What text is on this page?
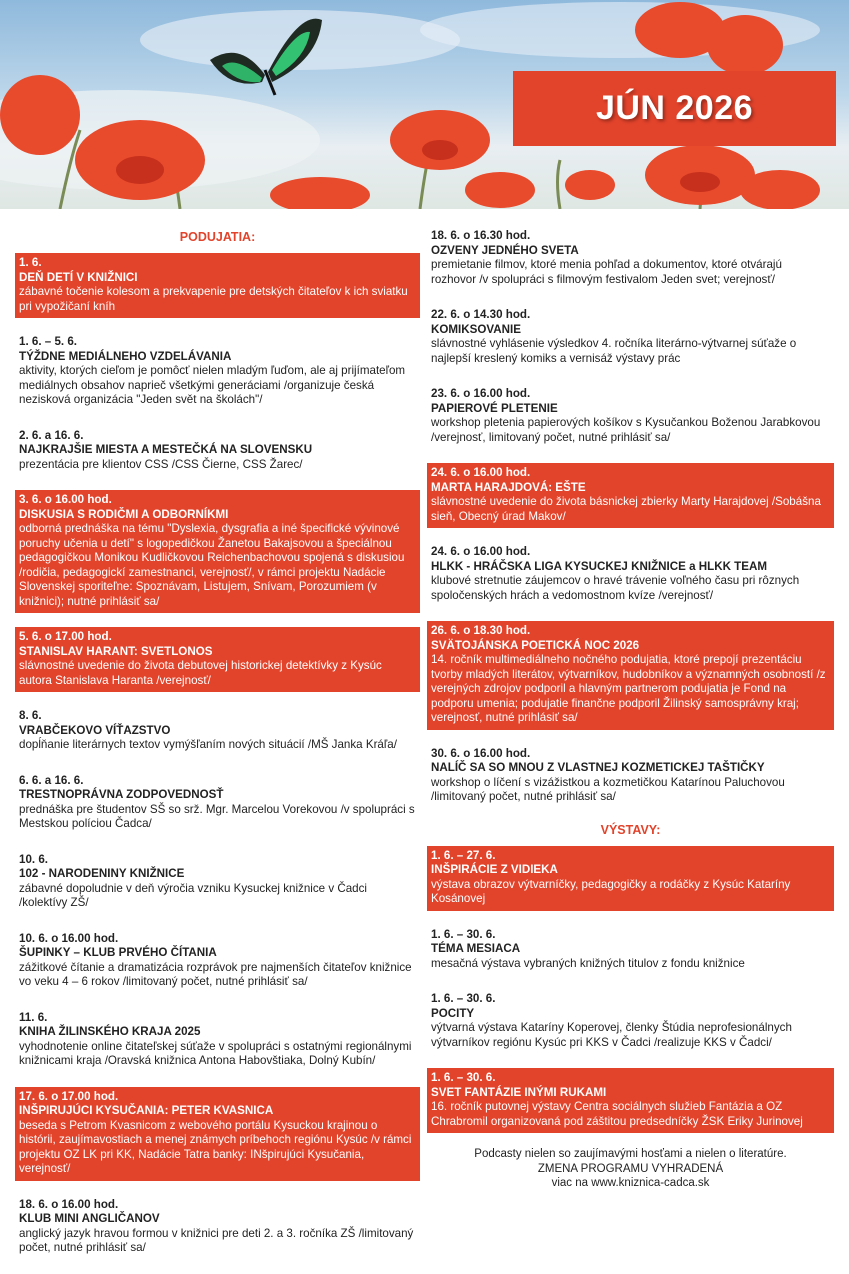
JÚN 2026
PODUJATIA:
1. 6.
DEŇ DETÍ V KNIŽNICI
zábavné točenie kolesom a prekvapenie pre detských čitateľov k ich sviatku pri vypožičaní kníh
1. 6. – 5. 6.
TÝŽDNE MEDIÁLNEHO VZDELÁVANIA
aktivity, ktorých cieľom je pomôcť nielen mladým ľuďom, ale aj prijímateľom mediálnych obsahov naprieč všetkými generáciami /organizuje česká nezisková organizácia "Jeden svět na školách"/
2. 6. a 16. 6.
NAJKRAJŠIE MIESTA A MESTEČKÁ NA SLOVENSKU
prezentácia pre klientov CSS /CSS Čierne, CSS Žarec/
3. 6. o 16.00 hod.
DISKUSIA S RODIČMI A ODBORNÍKMI
odborná prednáška na tému "Dyslexia, dysgrafia a iné špecifické vývinové poruchy učenia u detí" s logopedičkou Žanetou Bakajsovou a špeciálnou pedagogičkou Monikou Kudličkovou Reichenbachovou spojená s diskusiou /rodičia, pedagogickí zamestnanci, verejnosť/, v rámci projektu Nadácie Slovenskej sporiteľne: Spoznávam, Listujem, Snívam, Porozumiem (v knižnici); nutné prihlásiť sa/
5. 6. o 17.00 hod.
STANISLAV HARANT: SVETLONOS
slávnostné uvedenie do života debutovej historickej detektívky z Kysúc autora Stanislava Haranta /verejnosť/
8. 6.
VRABČEKOVO VÍŤAZSTVO
dopĺňanie literárnych textov vymýšľaním nových situácií /MŠ Janka Kráľa/
6. 6. a 16. 6.
TRESTNOPRÁVNA ZODPOVEDNOSŤ
prednáška pre študentov SŠ so srž. Mgr. Marcelou Vorekovou /v spolupráci s Mestskou políciou Čadca/
10. 6.
102 - NARODENINY KNIŽNICE
zábavné dopoludnie v deň výročia vzniku Kysuckej knižnice v Čadci /kolektívy ZŠ/
10. 6. o 16.00 hod.
ŠUPINKY – KLUB PRVÉHO ČÍTANIA
zážitkové čítanie a dramatizácia rozprávok pre najmenších čitateľov knižnice vo veku 4 – 6 rokov /limitovaný počet, nutné prihlásiť sa/
11. 6.
KNIHA ŽILINSKÉHO KRAJA 2025
vyhodnotenie online čitateľskej súťaže v spolupráci s ostatnými regionálnymi knižnicami kraja /Oravská knižnica Antona Habovštiaka, Dolný Kubín/
17. 6. o 17.00 hod.
INŠPIRUJÚCI KYSUČANIA: PETER KVASNICA
beseda s Petrom Kvasnicom z webového portálu Kysuckou krajinou o histórii, zaujímavostiach a menej známych príbehoch regiónu Kysúc /v rámci projektu OZ LK pri KK, Nadácie Tatra banky: INšpirujúci Kysučania, verejnosť/
18. 6. o 16.00 hod.
KLUB MINI ANGLIČANOV
anglický jazyk hravou formou v knižnici pre deti 2. a 3. ročníka ZŠ /limitovaný počet, nutné prihlásiť sa/
18. 6. o 16.30 hod.
OZVENY JEDNÉHO SVETA
premietanie filmov, ktoré menia pohľad a dokumentov, ktoré otvárajú rozhovor /v spolupráci s filmovým festivalom Jeden svet; verejnosť/
22. 6. o 14.30 hod.
KOMIKSOVANIE
slávnostné vyhlásenie výsledkov 4. ročníka literárno-výtvarnej súťaže o najlepší kreslený komiks a vernisáž výstavy prác
23. 6. o 16.00 hod.
PAPIEROVÉ PLETENIE
workshop pletenia papierových košíkov s Kysučankou Boženou Jarabkovou /verejnosť, limitovaný počet, nutné prihlásiť sa/
24. 6. o 16.00 hod.
MARTA HARAJDOVÁ: EŠTE
slávnostné uvedenie do života básnickej zbierky Marty Harajdovej /Sobášna sieň, Obecný úrad Makov/
24. 6. o 16.00 hod.
HLKK - HRÁČSKA LIGA KYSUCKEJ KNIŽNICE a HLKK TEAM
klubové stretnutie záujemcov o hravé trávenie voľného času pri rôznych spoločenských hrách a vedomostnom kvíze /verejnosť/
26. 6. o 18.30 hod.
SVÄTOJÁNSKA POETICKÁ NOC 2026
14. ročník multimediálneho nočného podujatia, ktoré prepojí prezentáciu tvorby mladých literátov, výtvarníkov, hudobníkov a významných osobností /z verejných zdrojov podporil a hlavným partnerom podujatia je Fond na podporu umenia; podujatie finančne podporil Žilinský samosprávny kraj; verejnosť, nutné prihlásiť sa/
30. 6. o 16.00 hod.
NALÍČ SA SO MNOU Z VLASTNEJ KOZMETICKEJ TAŠTIČKY
workshop o líčení s vizážistkou a kozmetičkou Katarínou Paluchovou /limitovaný počet, nutné prihlásiť sa/
VÝSTAVY:
1. 6. – 27. 6.
INŠPIRÁCIE Z VIDIEKA
výstava obrazov výtvarníčky, pedagogičky a rodáčky z Kysúc Kataríny Kosánovej
1. 6. – 30. 6.
TÉMA MESIACA
mesačná výstava vybraných knižných titulov z fondu knižnice
1. 6. – 30. 6.
POCITY
výtvarná výstava Kataríny Koperovej, členky Štúdia neprofesionálnych výtvarníkov regiónu Kysúc pri KKS v Čadci /realizuje KKS v Čadci/
1. 6. – 30. 6.
SVET FANTÁZIE INÝMI RUKAMI
16. ročník putovnej výstavy Centra sociálnych služieb Fantázia a OZ Chrabromil organizovaná pod záštitou predsedníčky ŽSK Eriky Jurinovej
Podcasty nielen so zaujímavými hosťami a nielen o literatúre.
ZMENA PROGRAMU VYHRADENÁ
viac na www.kniznica-cadca.sk
